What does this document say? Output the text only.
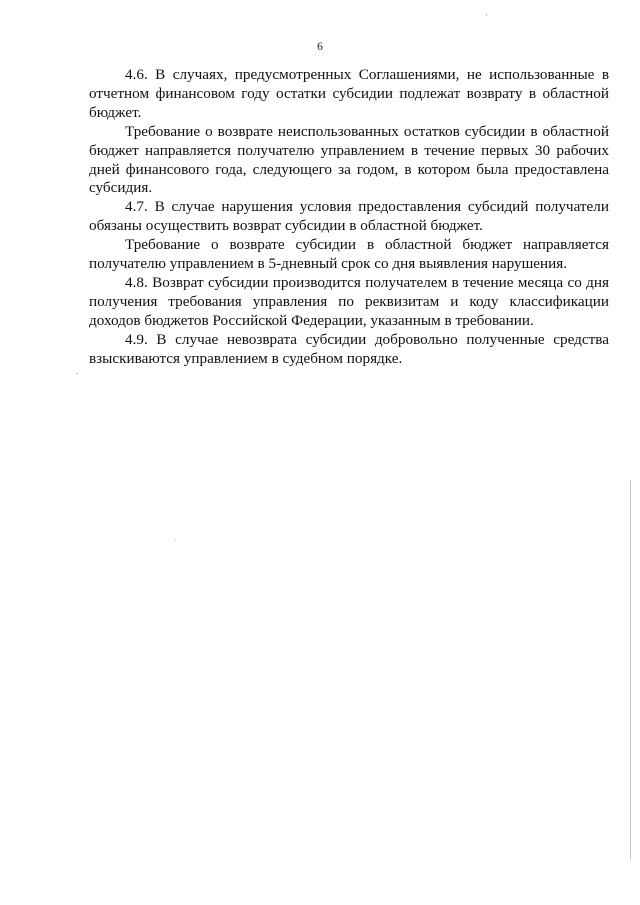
6

4.6. В случаях, предусмотренных Соглашениями, не использованные в отчетном финансовом году остатки субсидии подлежат возврату в областной бюджет.

Требование о возврате неиспользованных остатков субсидии в областной бюджет направляется получателю управлением в течение первых 30 рабочих дней финансового года, следующего за годом, в котором была предоставлена субсидия.

4.7. В случае нарушения условия предоставления субсидий получатели обязаны осуществить возврат субсидии в областной бюджет.

Требование о возврате субсидии в областной бюджет направляется получателю управлением в 5-дневный срок со дня выявления нарушения.

4.8. Возврат субсидии производится получателем в течение месяца со дня получения требования управления по реквизитам и коду классификации доходов бюджетов Российской Федерации, указанным в требовании.

4.9. В случае невозврата субсидии добровольно полученные средства взыскиваются управлением в судебном порядке.
